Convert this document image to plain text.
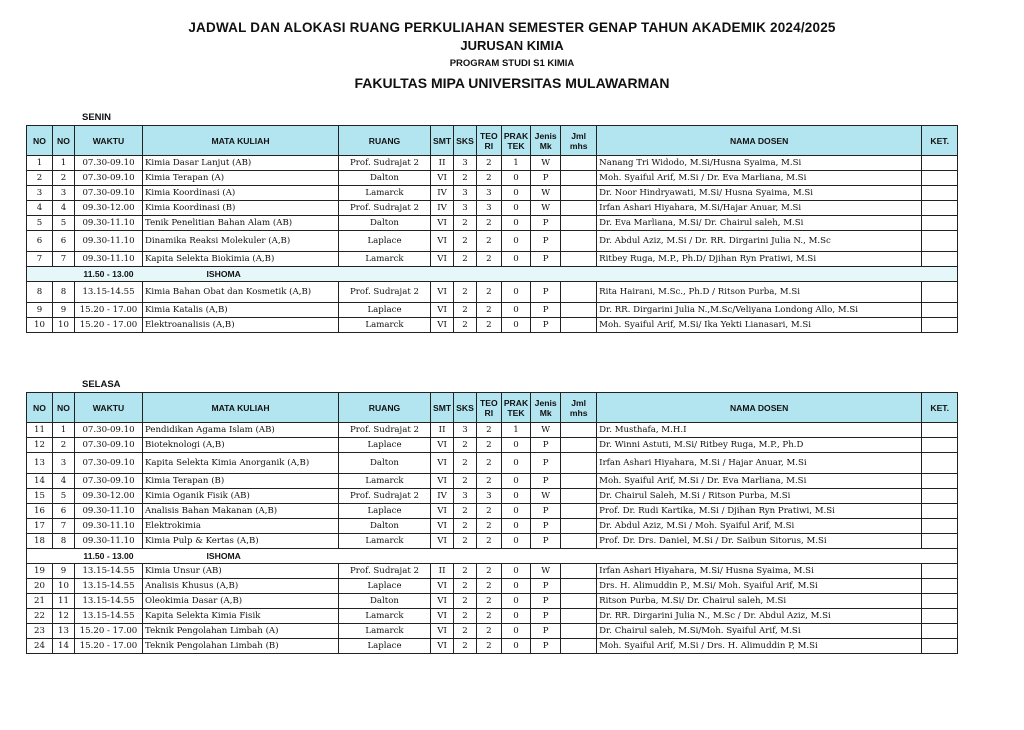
JADWAL DAN ALOKASI RUANG PERKULIAHAN SEMESTER GENAP TAHUN AKADEMIK 2024/2025
JURUSAN KIMIA
PROGRAM STUDI S1 KIMIA
FAKULTAS MIPA UNIVERSITAS MULAWARMAN
SENIN
NO	NO	WAKTU	MATA KULIAH	RUANG	SMT	SKS	TEO RI	PRAK TEK	Jenis Mk	Jml mhs	NAMA DOSEN	KET.
1	1	07.30-09.10	Kimia Dasar Lanjut (AB)	Prof. Sudrajat 2	II	3	2	1	W		Nanang Tri Widodo, M.Si/Husna Syaima, M.Si	
2	2	07.30-09.10	Kimia Terapan (A)	Dalton	VI	2	2	0	P		Moh. Syaiful Arif, M.Si / Dr. Eva Marliana, M.Si	
3	3	07.30-09.10	Kimia Koordinasi (A)	Lamarck	IV	3	3	0	W		Dr. Noor Hindryawati, M.Si/ Husna Syaima, M.Si	
4	4	09.30-12.00	Kimia Koordinasi (B)	Prof. Sudrajat 2	IV	3	3	0	W		Irfan Ashari Hiyahara, M.Si/Hajar Anuar, M.Si	
5	5	09.30-11.10	Tenik Penelitian Bahan Alam (AB)	Dalton	VI	2	2	0	P		Dr. Eva Marliana, M.Si/ Dr. Chairul saleh, M.Si	
6	6	09.30-11.10	Dinamika Reaksi Molekuler (A,B)	Laplace	VI	2	2	0	P		Dr. Abdul Aziz, M.Si / Dr. RR. Dirgarini Julia N., M.Sc	
7	7	09.30-11.10	Kapita Selekta Biokimia (A,B)	Lamarck	VI	2	2	0	P		Ritbey Ruga, M.P., Ph.D/ Djihan Ryn Pratiwi, M.Si	
		11.50 - 13.00	ISHOMA									
8	8	13.15-14.55	Kimia Bahan Obat dan Kosmetik (A,B)	Prof. Sudrajat 2	VI	2	2	0	P		Rita Hairani, M.Sc., Ph.D / Ritson Purba, M.Si	
9	9	15.20 - 17.00	Kimia Katalis (A,B)	Laplace	VI	2	2	0	P		Dr. RR. Dirgarini Julia N.,M.Sc/Veliyana Londong Allo, M.Si	
10	10	15.20 - 17.00	Elektroanalisis (A,B)	Lamarck	VI	2	2	0	P		Moh. Syaiful Arif, M.Si/ Ika Yekti Lianasari, M.Si	
SELASA
NO	NO	WAKTU	MATA KULIAH	RUANG	SMT	SKS	TEO RI	PRAK TEK	Jenis Mk	Jml mhs	NAMA DOSEN	KET.
11	1	07.30-09.10	Pendidikan Agama Islam (AB)	Prof. Sudrajat 2	II	3	2	1	W		Dr. Musthafa, M.H.I	
12	2	07.30-09.10	Bioteknologi (A,B)	Laplace	VI	2	2	0	P		Dr. Winni Astuti, M.Si/ Ritbey Ruga, M.P., Ph.D	
13	3	07.30-09.10	Kapita Selekta Kimia Anorganik (A,B)	Dalton	VI	2	2	0	P		Irfan Ashari Hiyahara, M.Si / Hajar Anuar, M.Si	
14	4	07.30-09.10	Kimia Terapan (B)	Lamarck	VI	2	2	0	P		Moh. Syaiful Arif, M.Si / Dr. Eva Marliana, M.Si	
15	5	09.30-12.00	Kimia Oganik Fisik (AB)	Prof. Sudrajat 2	IV	3	3	0	W		Dr. Chairul Saleh, M.Si / Ritson Purba, M.Si	
16	6	09.30-11.10	Analisis Bahan Makanan (A,B)	Laplace	VI	2	2	0	P		Prof. Dr. Rudi Kartika, M.Si / Djihan Ryn Pratiwi, M.Si	
17	7	09.30-11.10	Elektrokimia	Dalton	VI	2	2	0	P		Dr. Abdul Aziz, M.Si / Moh. Syaiful Arif, M.Si	
18	8	09.30-11.10	Kimia Pulp & Kertas (A,B)	Lamarck	VI	2	2	0	P		Prof. Dr. Drs. Daniel, M.Si / Dr. Saibun Sitorus, M.Si	
		11.50 - 13.00	ISHOMA									
19	9	13.15-14.55	Kimia Unsur (AB)	Prof. Sudrajat 2	II	2	2	0	W		Irfan Ashari Hiyahara, M.Si/ Husna Syaima, M.Si	
20	10	13.15-14.55	Analisis Khusus (A,B)	Laplace	VI	2	2	0	P		Drs. H. Alimuddin P., M.Si/ Moh. Syaiful Arif, M.Si	
21	11	13.15-14.55	Oleokimia Dasar (A,B)	Dalton	VI	2	2	0	P		Ritson Purba, M.Si/ Dr. Chairul saleh, M.Si	
22	12	13.15-14.55	Kapita Selekta Kimia Fisik	Lamarck	VI	2	2	0	P		Dr. RR. Dirgarini Julia N., M.Sc / Dr. Abdul Aziz, M.Si	
23	13	15.20 - 17.00	Teknik Pengolahan Limbah (A)	Lamarck	VI	2	2	0	P		Dr. Chairul saleh, M.Si/Moh. Syaiful Arif, M.Si	
24	14	15.20 - 17.00	Teknik Pengolahan Limbah (B)	Laplace	VI	2	2	0	P		Moh. Syaiful Arif, M.Si / Drs. H. Alimuddin P, M.Si	
